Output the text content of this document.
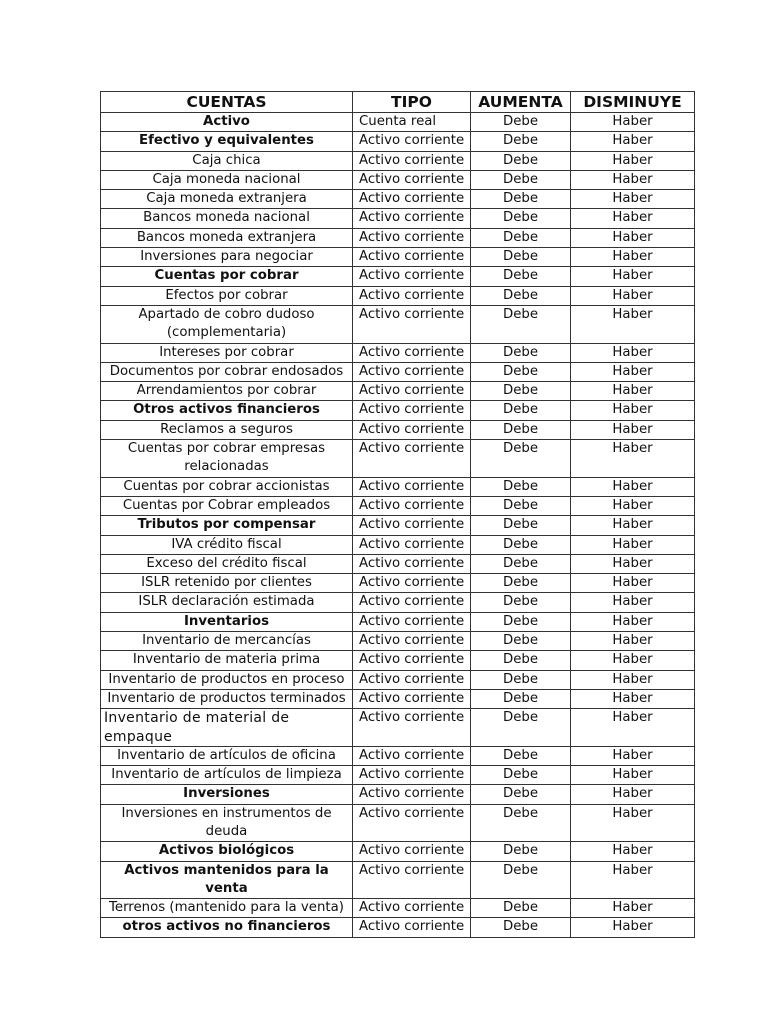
CUENTAS	TIPO	AUMENTA	DISMINUYE
Activo	Cuenta real	Debe	Haber
Efectivo y equivalentes	Activo corriente	Debe	Haber
Caja chica	Activo corriente	Debe	Haber
Caja moneda nacional	Activo corriente	Debe	Haber
Caja moneda extranjera	Activo corriente	Debe	Haber
Bancos moneda nacional	Activo corriente	Debe	Haber
Bancos moneda extranjera	Activo corriente	Debe	Haber
Inversiones para negociar	Activo corriente	Debe	Haber
Cuentas por cobrar	Activo corriente	Debe	Haber
Efectos por cobrar	Activo corriente	Debe	Haber
Apartado de cobro dudoso (complementaria)	Activo corriente	Debe	Haber
Intereses por cobrar	Activo corriente	Debe	Haber
Documentos por cobrar endosados	Activo corriente	Debe	Haber
Arrendamientos por cobrar	Activo corriente	Debe	Haber
Otros activos financieros	Activo corriente	Debe	Haber
Reclamos a seguros	Activo corriente	Debe	Haber
Cuentas por cobrar empresas relacionadas	Activo corriente	Debe	Haber
Cuentas por cobrar accionistas	Activo corriente	Debe	Haber
Cuentas por Cobrar empleados	Activo corriente	Debe	Haber
Tributos por compensar	Activo corriente	Debe	Haber
IVA crédito fiscal	Activo corriente	Debe	Haber
Exceso del crédito fiscal	Activo corriente	Debe	Haber
ISLR retenido por clientes	Activo corriente	Debe	Haber
ISLR declaración estimada	Activo corriente	Debe	Haber
Inventarios	Activo corriente	Debe	Haber
Inventario de mercancías	Activo corriente	Debe	Haber
Inventario de materia prima	Activo corriente	Debe	Haber
Inventario de productos en proceso	Activo corriente	Debe	Haber
Inventario de productos terminados	Activo corriente	Debe	Haber
Inventario de material de empaque	Activo corriente	Debe	Haber
Inventario de artículos de oficina	Activo corriente	Debe	Haber
Inventario de artículos de limpieza	Activo corriente	Debe	Haber
Inversiones	Activo corriente	Debe	Haber
Inversiones en instrumentos de deuda	Activo corriente	Debe	Haber
Activos biológicos	Activo corriente	Debe	Haber
Activos mantenidos para la venta	Activo corriente	Debe	Haber
Terrenos (mantenido para la venta)	Activo corriente	Debe	Haber
otros activos no financieros	Activo corriente	Debe	Haber
